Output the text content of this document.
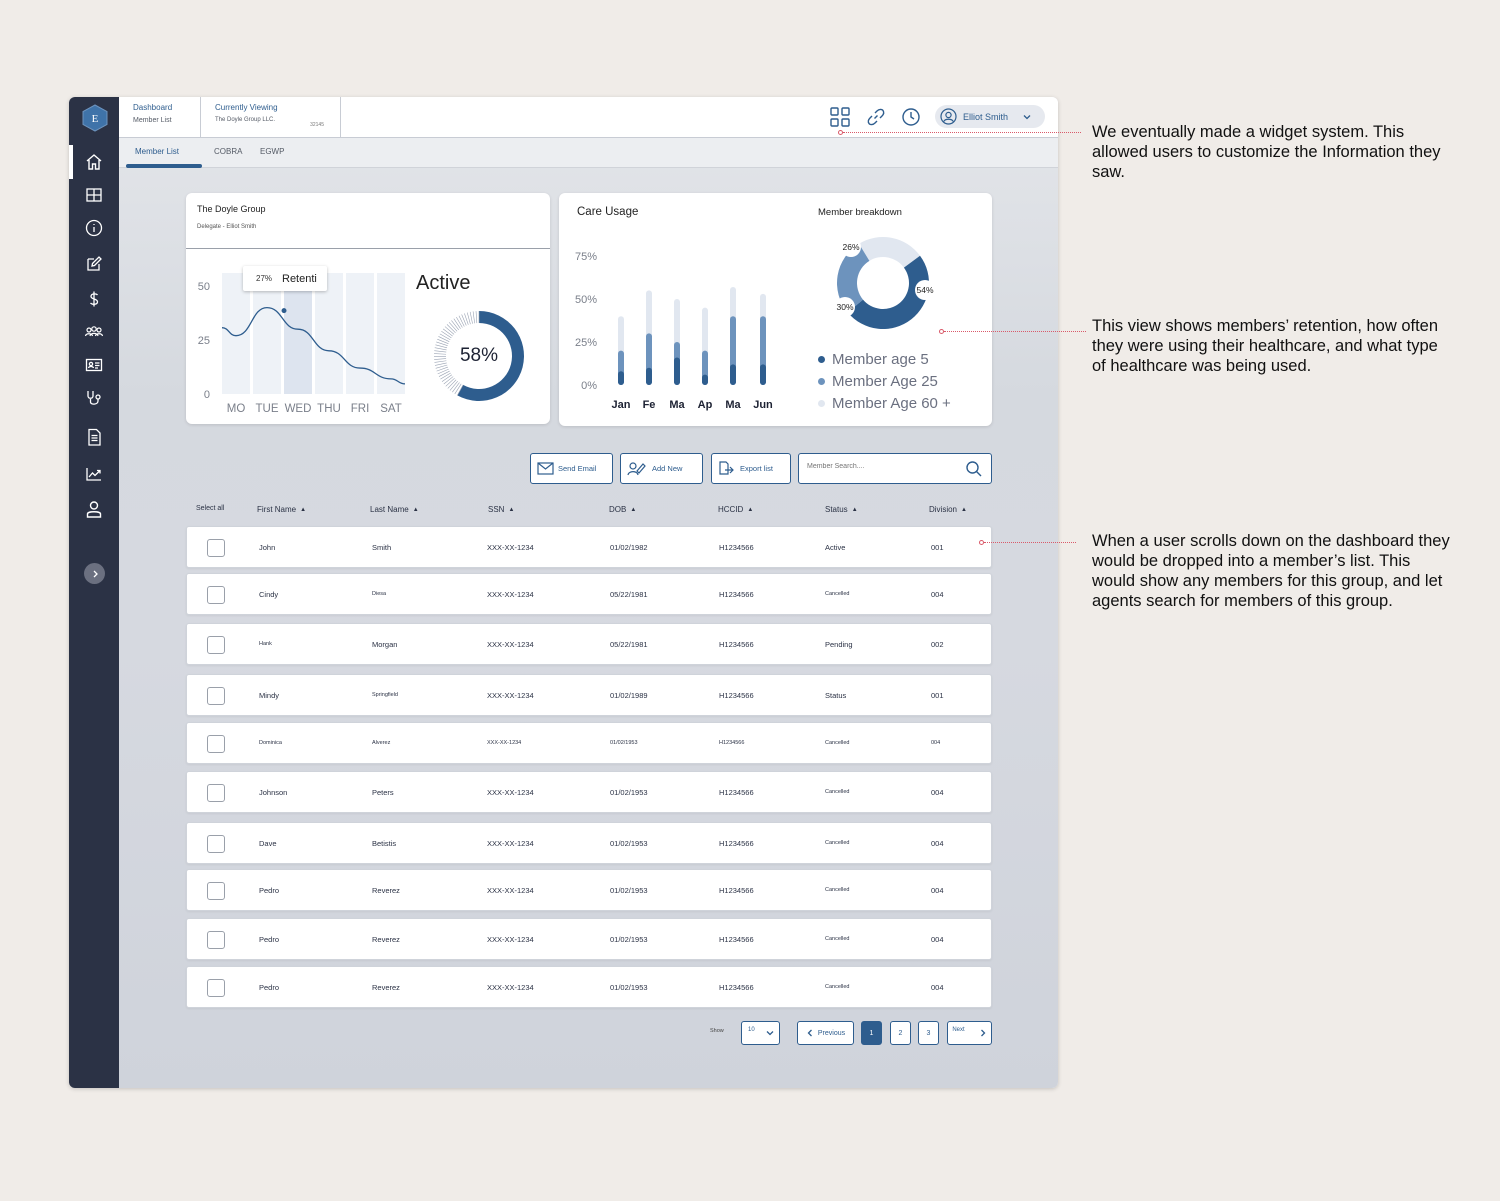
E
Dashboard
Member List
Currently Viewing
The Doyle Group LLC.
32145
Elliot Smith
Member List	COBRA EGWP
The Doyle Group
Delegate - Elliot Smith
MO TUE WED THU FRI SAT
50
25
0
27% Retenti	Active
58%
Care Usage
75%
50%
25%
0%
Jan Fe Ma Ap Ma Jun
Member breakdown
26%
54%
30%
Member age 5
Member Age 25
Member Age 60 +
Send Email	Add New	Export list
Member Search....
Select all	First Name ▲︎	Last Name ▲︎	SSN ▲︎	DOB ▲︎	HCCID ▲︎	Status ▲︎	Division ▲︎
John	Smith	XXX-XX-1234	01/02/1982	H1234566	Active	001
Cindy	Diesa	XXX-XX-1234	05/22/1981	H1234566	Cancelled	004
Hank	Morgan	XXX-XX-1234	05/22/1981	H1234566	Pending	002
Mindy	Springfield	XXX-XX-1234	01/02/1989	H1234566	Status	001
Dominica	Alverez	XXX-XX-1234	01/02/1953	H1234566	Cancelled	004
Johnson	Peters	XXX-XX-1234	01/02/1953	H1234566	Cancelled	004
Dave	Betistis	XXX-XX-1234	01/02/1953	H1234566	Cancelled	004
Pedro	Reverez	XXX-XX-1234	01/02/1953	H1234566	Cancelled	004
Pedro	Reverez	XXX-XX-1234	01/02/1953	H1234566	Cancelled	004
Pedro	Reverez	XXX-XX-1234	01/02/1953	H1234566	Cancelled	004
Show	10	Previous	1	2	3	Next
We eventually made a widget system. This allowed users to customize the Information they saw.
This view shows members’ retention, how often they were using their healthcare, and what type of healthcare was being used.
When a user scrolls down on the dashboard they would be dropped into a member’s list. This would show any members for this group, and let agents search for members of this group.
